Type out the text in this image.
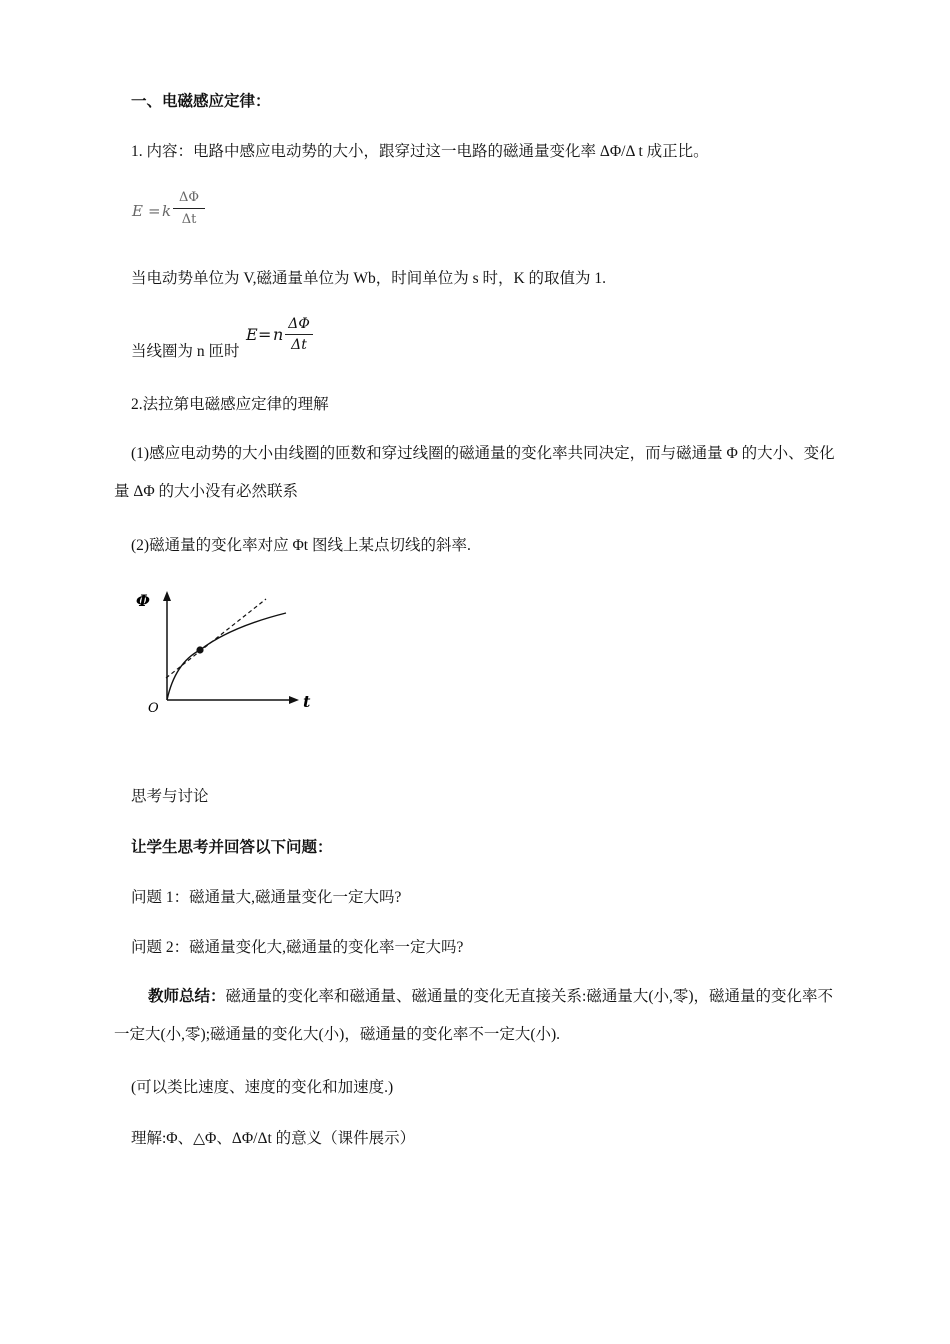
一、电磁感应定律：
1. 内容：电路中感应电动势的大小，跟穿过这一电路的磁通量变化率 ΔΦ/Δ t 成正比。
E = k
ΔΦ
Δt
当电动势单位为 V,磁通量单位为 Wb，时间单位为 s 时，K 的取值为 1.
当线圈为 n 匝时
E = n
ΔΦ
Δt
2.法拉第电磁感应定律的理解
(1)感应电动势的大小由线圈的匝数和穿过线圈的磁通量的变化率共同决定，而与磁通量 Φ 的大小、变化量 ΔΦ 的大小没有必然联系
(2)磁通量的变化率对应 Φt 图线上某点切线的斜率.
Φ
t
O
思考与讨论
让学生思考并回答以下问题：
问题 1：磁通量大,磁通量变化一定大吗?
问题 2：磁通量变化大,磁通量的变化率一定大吗?
教师总结：磁通量的变化率和磁通量、磁通量的变化无直接关系:磁通量大(小,零)，磁通量的变化率不一定大(小,零);磁通量的变化大(小)，磁通量的变化率不一定大(小).
(可以类比速度、速度的变化和加速度.)
理解:Φ、△Φ、ΔΦ/Δt 的意义（课件展示）
